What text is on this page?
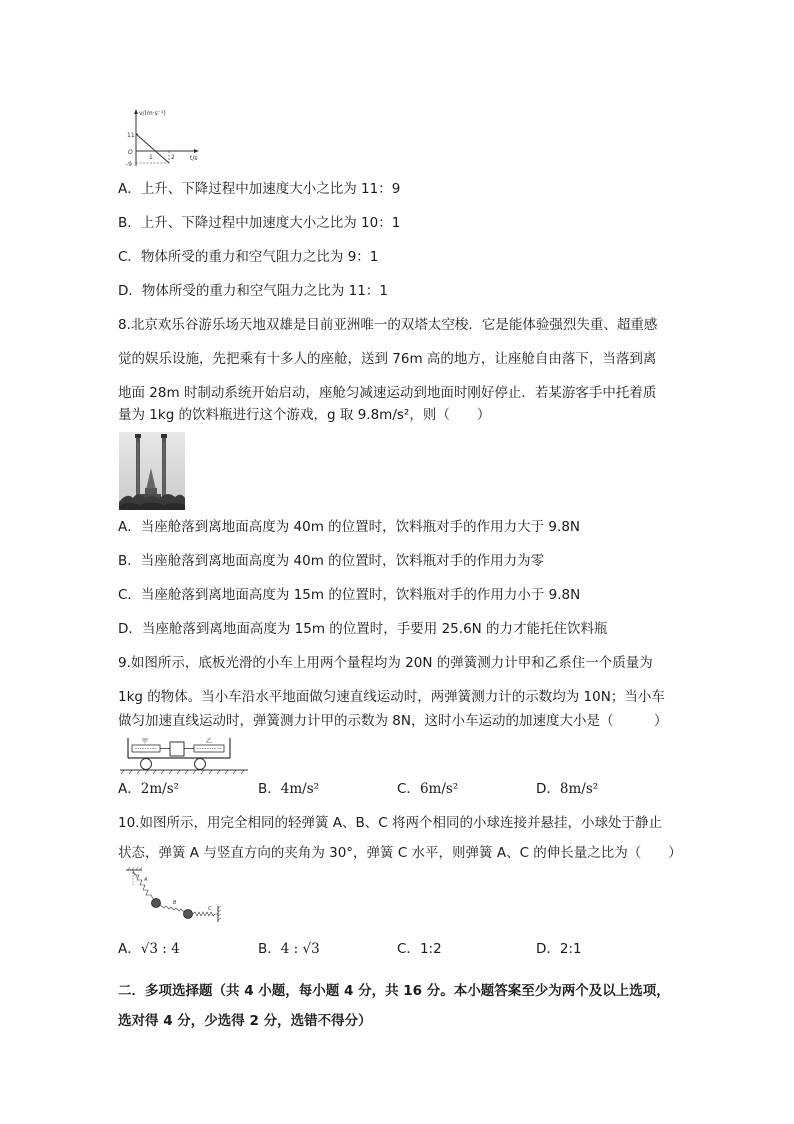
v/(m·s⁻¹)
t/s
11
O
-9
1	2
A．上升、下降过程中加速度大小之比为 11：9
B．上升、下降过程中加速度大小之比为 10：1
C．物体所受的重力和空气阻力之比为 9：1
D．物体所受的重力和空气阻力之比为 11：1
8.北京欢乐谷游乐场天地双雄是目前亚洲唯一的双塔太空梭．它是能体验强烈失重、超重感
觉的娱乐设施，先把乘有十多人的座舱，送到 76m 高的地方，让座舱自由落下，当落到离
地面 28m 时制动系统开始启动，座舱匀减速运动到地面时刚好停止．若某游客手中托着质
量为 1kg 的饮料瓶进行这个游戏，g 取 9.8m/s²，则（　　）
A．当座舱落到离地面高度为 40m 的位置时，饮料瓶对手的作用力大于 9.8N
B．当座舱落到离地面高度为 40m 的位置时，饮料瓶对手的作用力为零
C．当座舱落到离地面高度为 15m 的位置时，饮料瓶对手的作用力小于 9.8N
D．当座舱落到离地面高度为 15m 的位置时，手要用 25.6N 的力才能托住饮料瓶
9.如图所示，底板光滑的小车上用两个量程均为 20N 的弹簧测力计甲和乙系住一个质量为
1kg 的物体。当小车沿水平地面做匀速直线运动时，两弹簧测力计的示数均为 10N；当小车
做匀加速直线运动时，弹簧测力计甲的示数为 8N，这时小车运动的加速度大小是（　　　）
甲	乙
A．2m/s²	B．4m/s²	C．6m/s²	D．8m/s²
10.如图所示，用完全相同的轻弹簧 A、B、C 将两个相同的小球连接并悬挂，小球处于静止
状态，弹簧 A 与竖直方向的夹角为 30°，弹簧 C 水平，则弹簧 A、C 的伸长量之比为（　　）
A
B
C
A．√3 : 4	B．4 : √3	C．1:2	D．2:1
二．多项选择题（共 4 小题，每小题 4 分，共 16 分。本小题答案至少为两个及以上选项，
选对得 4 分，少选得 2 分，选错不得分）
